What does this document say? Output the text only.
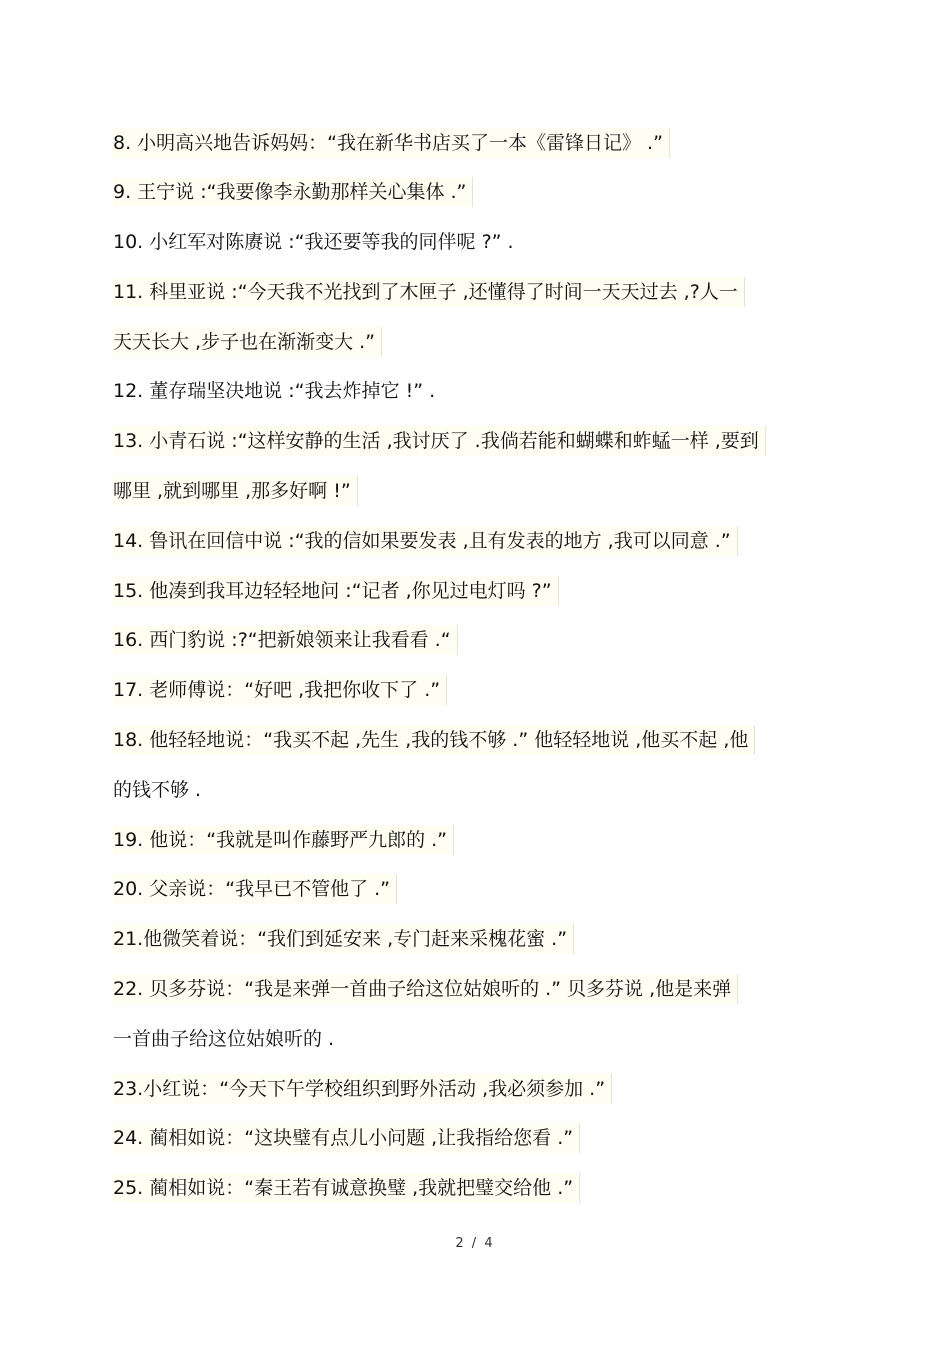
8. 小明高兴地告诉妈妈：“我在新华书店买了一本《雷锋日记》 .”
9. 王宁说 :“我要像李永勤那样关心集体 .”
10. 小红军对陈赓说 :“我还要等我的同伴呢 ?” .
11. 科里亚说 :“今天我不光找到了木匣子 ,还懂得了时间一天天过去 ,?人一
天天长大 ,步子也在渐渐变大 .”
12. 董存瑞坚决地说 :“我去炸掉它 !” .
13. 小青石说 :“这样安静的生活 ,我讨厌了 .我倘若能和蝴蝶和蚱蜢一样 ,要到
哪里 ,就到哪里 ,那多好啊 !”
14. 鲁讯在回信中说 :“我的信如果要发表 ,且有发表的地方 ,我可以同意 .”
15. 他凑到我耳边轻轻地问 :“记者 ,你见过电灯吗 ?”
16. 西门豹说 :?“把新娘领来让我看看 .“
17. 老师傅说：“好吧 ,我把你收下了 .”
18. 他轻轻地说：“我买不起 ,先生 ,我的钱不够 .” 他轻轻地说 ,他买不起 ,他
的钱不够 .
19. 他说：“我就是叫作藤野严九郎的 .”
20. 父亲说：“我早已不管他了 .”
21.他微笑着说：“我们到延安来 ,专门赶来采槐花蜜 .”
22. 贝多芬说：“我是来弹一首曲子给这位姑娘听的 .” 贝多芬说 ,他是来弹
一首曲子给这位姑娘听的 .
23.小红说：“今天下午学校组织到野外活动 ,我必须参加 .”
24. 蔺相如说：“这块璧有点儿小问题 ,让我指给您看 .”
25. 蔺相如说：“秦王若有诚意换璧 ,我就把璧交给他 .”
2 / 4
